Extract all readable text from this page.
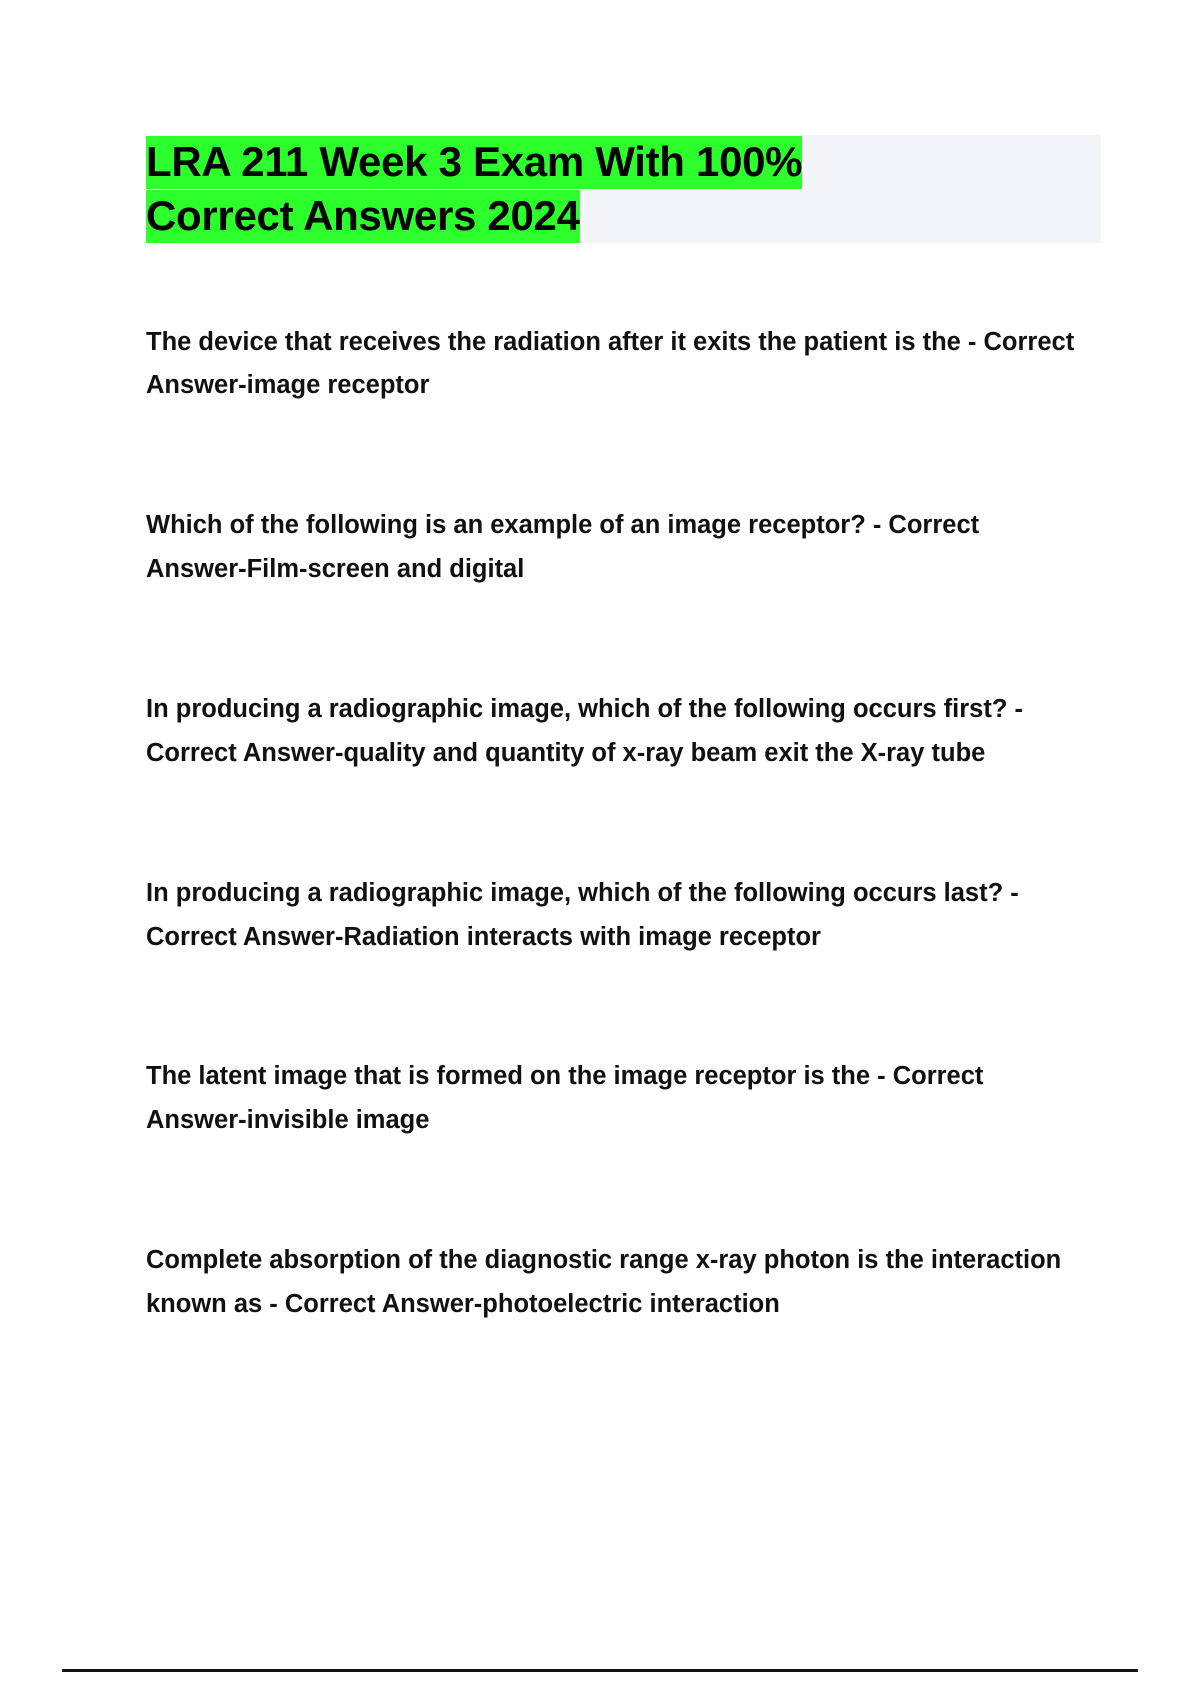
LRA 211 Week 3 Exam With 100%
Correct Answers 2024

The device that receives the radiation after it exits the patient is the - Correct Answer-image receptor

Which of the following is an example of an image receptor? - Correct Answer-Film-screen and digital

In producing a radiographic image, which of the following occurs first? - Correct Answer-quality and quantity of x-ray beam exit the X-ray tube

In producing a radiographic image, which of the following occurs last? - Correct Answer-Radiation interacts with image receptor

The latent image that is formed on the image receptor is the - Correct Answer-invisible image

Complete absorption of the diagnostic range x-ray photon is the interaction known as - Correct Answer-photoelectric interaction
